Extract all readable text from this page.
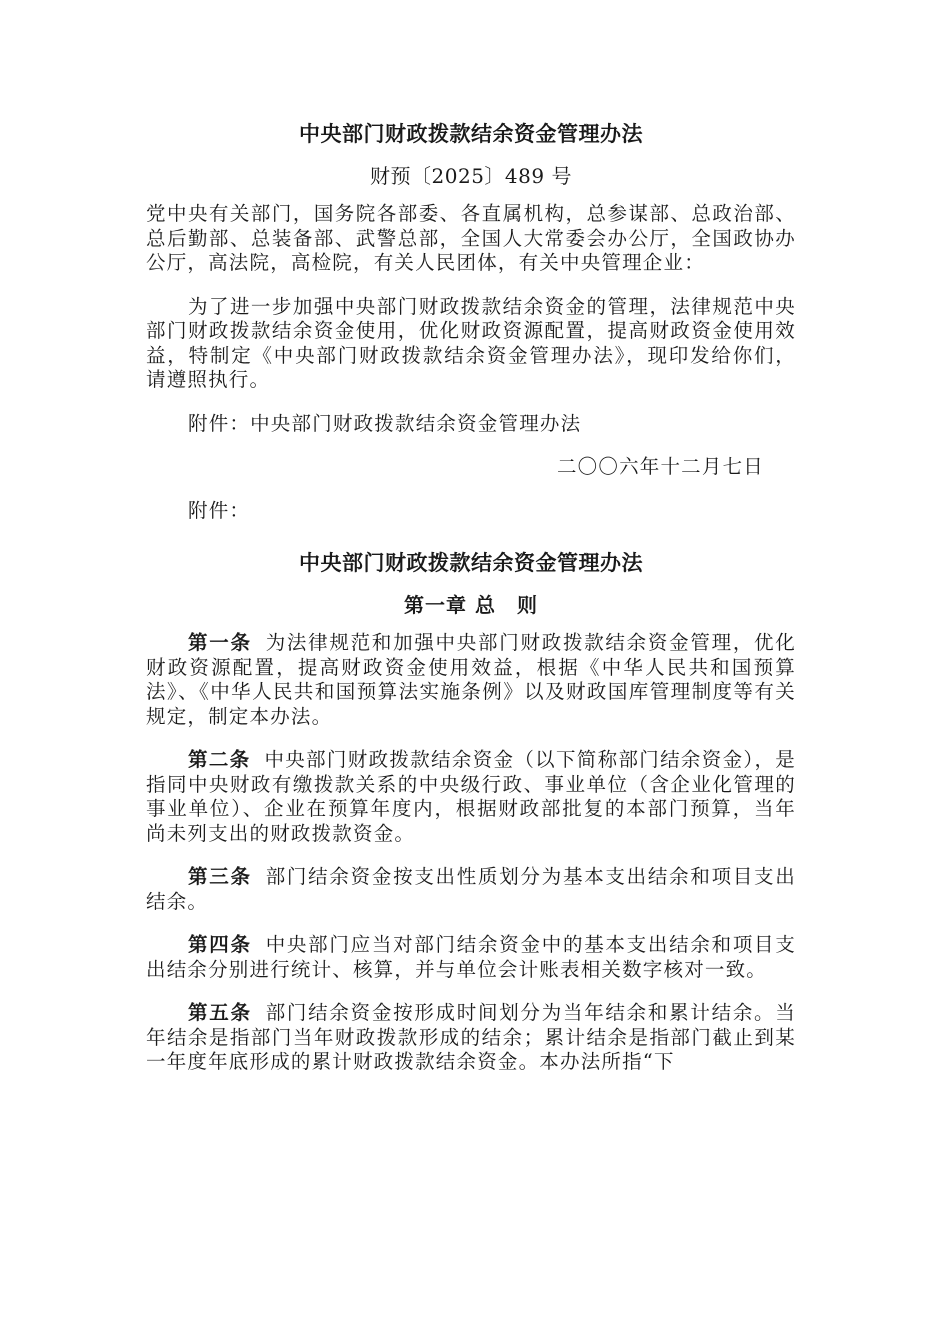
中央部门财政拨款结余资金管理办法
财预〔2025〕489 号

党中央有关部门，国务院各部委、各直属机构，总参谋部、总政治部、总后勤部、总装备部、武警总部，全国人大常委会办公厅，全国政协办公厅，高法院，高检院，有关人民团体，有关中央管理企业：

为了进一步加强中央部门财政拨款结余资金的管理，法律规范中央部门财政拨款结余资金使用，优化财政资源配置，提高财政资金使用效益，特制定《中央部门财政拨款结余资金管理办法》，现印发给你们，请遵照执行。

附件：中央部门财政拨款结余资金管理办法

二〇〇六年十二月七日

附件：

中央部门财政拨款结余资金管理办法
第一章 总　则

第一条 为法律规范和加强中央部门财政拨款结余资金管理，优化财政资源配置，提高财政资金使用效益，根据《中华人民共和国预算法》、《中华人民共和国预算法实施条例》以及财政国库管理制度等有关规定，制定本办法。

第二条 中央部门财政拨款结余资金（以下简称部门结余资金），是指同中央财政有缴拨款关系的中央级行政、事业单位（含企业化管理的事业单位）、企业在预算年度内，根据财政部批复的本部门预算，当年尚未列支出的财政拨款资金。

第三条 部门结余资金按支出性质划分为基本支出结余和项目支出结余。

第四条 中央部门应当对部门结余资金中的基本支出结余和项目支出结余分别进行统计、核算，并与单位会计账表相关数字核对一致。

第五条 部门结余资金按形成时间划分为当年结余和累计结余。当年结余是指部门当年财政拨款形成的结余；累计结余是指部门截止到某一年度年底形成的累计财政拨款结余资金。本办法所指“下
